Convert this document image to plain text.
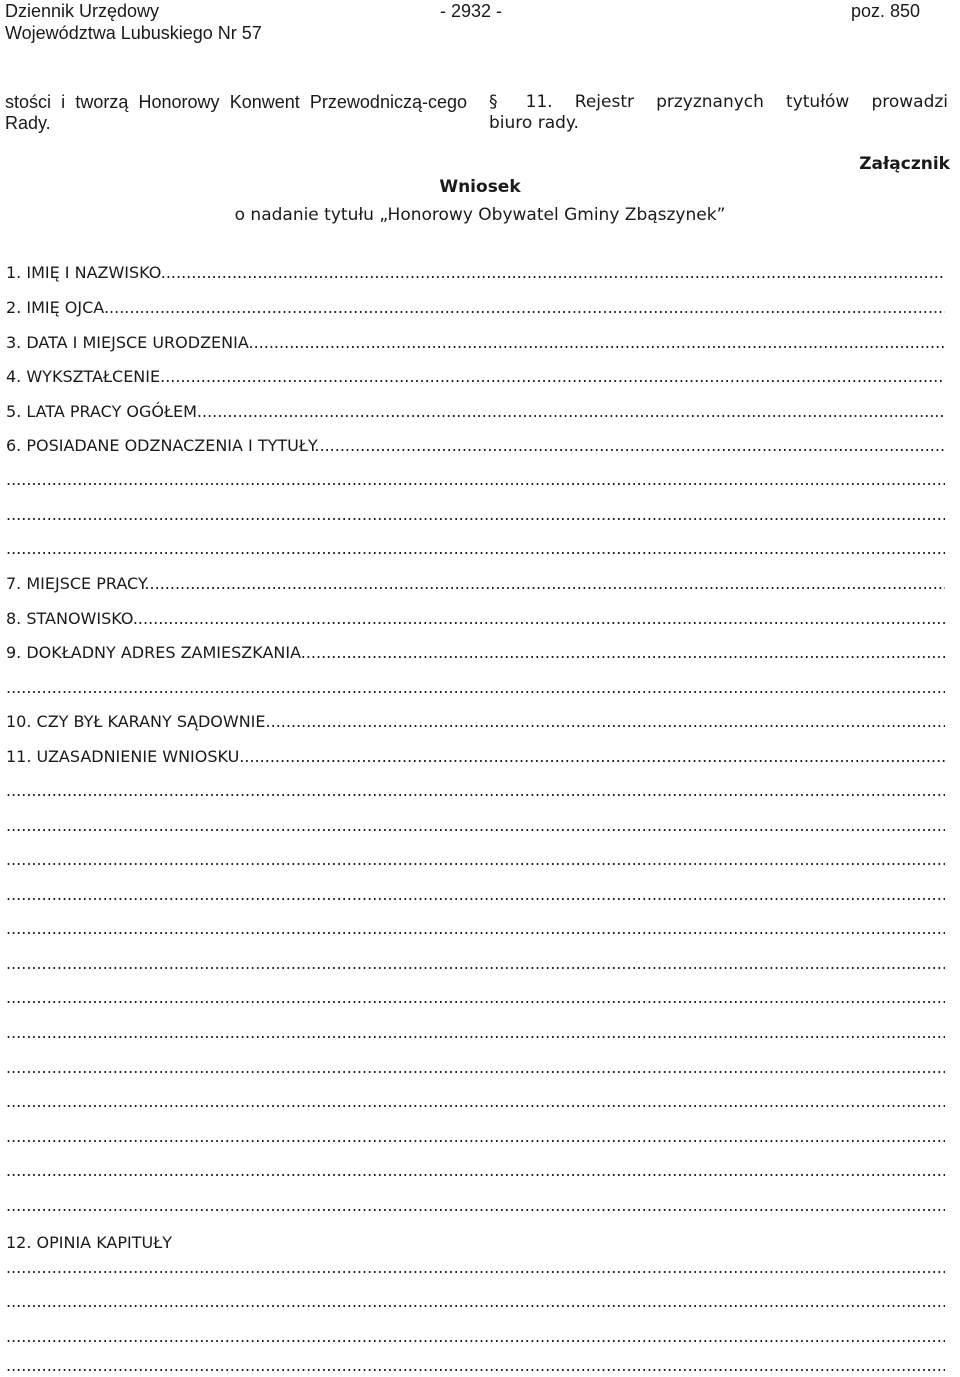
Dziennik Urzędowy
Województwa Lubuskiego Nr 57
- 2932 -	poz. 850
stości i tworzą Honorowy Konwent Przewodniczą-cego Rady.
§ 11. Rejestr przyznanych tytułów prowadzi
biuro rady.
Załącznik
Wniosek
o nadanie tytułu „Honorowy Obywatel Gminy Zbąszynek”
1. IMIĘ I NAZWISKO .....
2. IMIĘ OJCA .....
3. DATA I MIEJSCE URODZENIA .....
4. WYKSZTAŁCENIE .....
5. LATA PRACY OGÓŁEM .....
6. POSIADANE ODZNACZENIA I TYTUŁY .....
.....
.....
.....
7. MIEJSCE PRACY .....
8. STANOWISKO .....
9. DOKŁADNY ADRES ZAMIESZKANIA .....
.....
10. CZY BYŁ KARANY SĄDOWNIE .....
11. UZASADNIENIE WNIOSKU .....
.....
.....
.....
.....
.....
.....
.....
.....
.....
.....
.....
.....
.....
12. OPINIA KAPITUŁY
.....
.....
.....
.....
